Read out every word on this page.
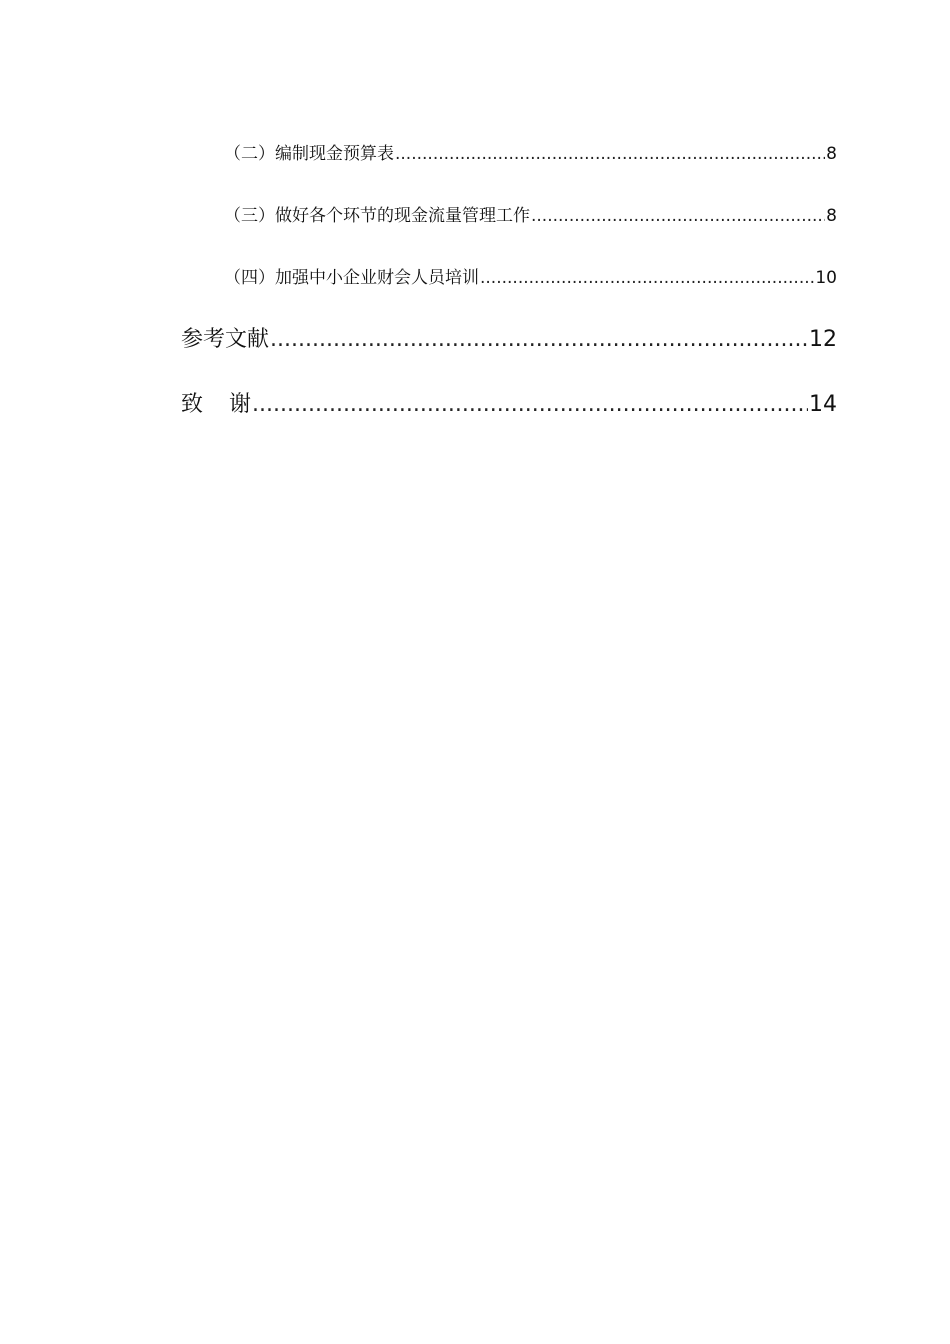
（二）编制现金预算表 .....	8
（三）做好各个环节的现金流量管理工作 .....	8
（四）加强中小企业财会人员培训 .....	10
参考文献 .....	12
致 谢 .....	14
